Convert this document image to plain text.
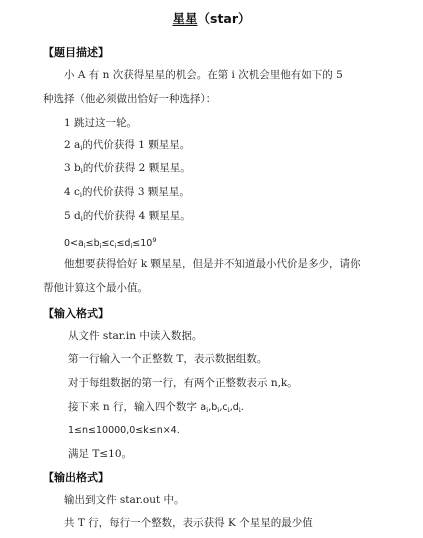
星星（star）
【题目描述】
小 A 有 n 次获得星星的机会。在第 i 次机会里他有如下的 5
种选择（他必须做出恰好一种选择）：
1 跳过这一轮。
2 $a_i$的代价获得 1 颗星星。
3 $b_i$的代价获得 2 颗星星。
4 $c_i$的代价获得 3 颗星星。
5 $d_i$的代价获得 4 颗星星。
$0<a_i\le b_i\le c_i\le d_i\le 10^9$
他想要获得恰好 k 颗星星，但是并不知道最小代价是多少，请你
帮他计算这个最小值。
【输入格式】
从文件 star.in 中读入数据。
第一行输入一个正整数 T，表示数据组数。
对于每组数据的第一行，有两个正整数表示 n,k。
接下来 n 行，输入四个数字 $a_i,b_i,c_i,d_i$.
1≤n≤10000,0≤k≤n×4.
满足 T≤10。
【输出格式】
输出到文件 star.out 中。
共 T 行，每行一个整数，表示获得 K 个星星的最少值
